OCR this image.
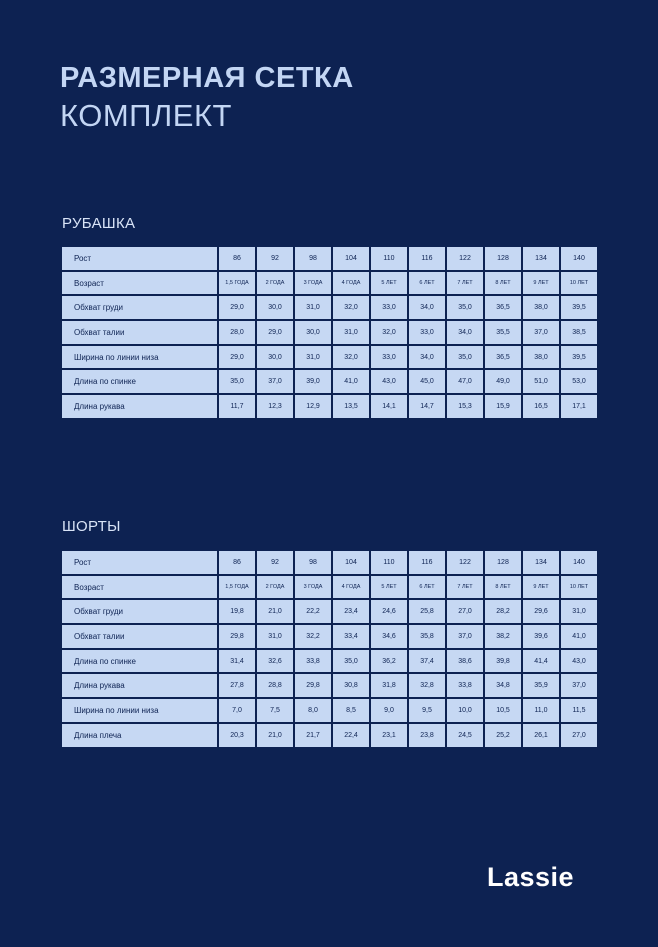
РАЗМЕРНАЯ СЕТКА
КОМПЛЕКТ
РУБАШКА
Рост	86	92	98	104	110	116	122	128	134	140
Возраст	1,5 ГОДА	2 ГОДА	3 ГОДА	4 ГОДА	5 ЛЕТ	6 ЛЕТ	7 ЛЕТ	8 ЛЕТ	9 ЛЕТ	10 ЛЕТ
Обхват груди	29,0	30,0	31,0	32,0	33,0	34,0	35,0	36,5	38,0	39,5
Обхват талии	28,0	29,0	30,0	31,0	32,0	33,0	34,0	35,5	37,0	38,5
Ширина по линии низа	29,0	30,0	31,0	32,0	33,0	34,0	35,0	36,5	38,0	39,5
Длина по спинке	35,0	37,0	39,0	41,0	43,0	45,0	47,0	49,0	51,0	53,0
Длина рукава	11,7	12,3	12,9	13,5	14,1	14,7	15,3	15,9	16,5	17,1
ШОРТЫ
Рост	86	92	98	104	110	116	122	128	134	140
Возраст	1,5 ГОДА	2 ГОДА	3 ГОДА	4 ГОДА	5 ЛЕТ	6 ЛЕТ	7 ЛЕТ	8 ЛЕТ	9 ЛЕТ	10 ЛЕТ
Обхват груди	19,8	21,0	22,2	23,4	24,6	25,8	27,0	28,2	29,6	31,0
Обхват талии	29,8	31,0	32,2	33,4	34,6	35,8	37,0	38,2	39,6	41,0
Длина по спинке	31,4	32,6	33,8	35,0	36,2	37,4	38,6	39,8	41,4	43,0
Длина рукава	27,8	28,8	29,8	30,8	31,8	32,8	33,8	34,8	35,9	37,0
Ширина по линии низа	7,0	7,5	8,0	8,5	9,0	9,5	10,0	10,5	11,0	11,5
Длина плеча	20,3	21,0	21,7	22,4	23,1	23,8	24,5	25,2	26,1	27,0
Lassie
